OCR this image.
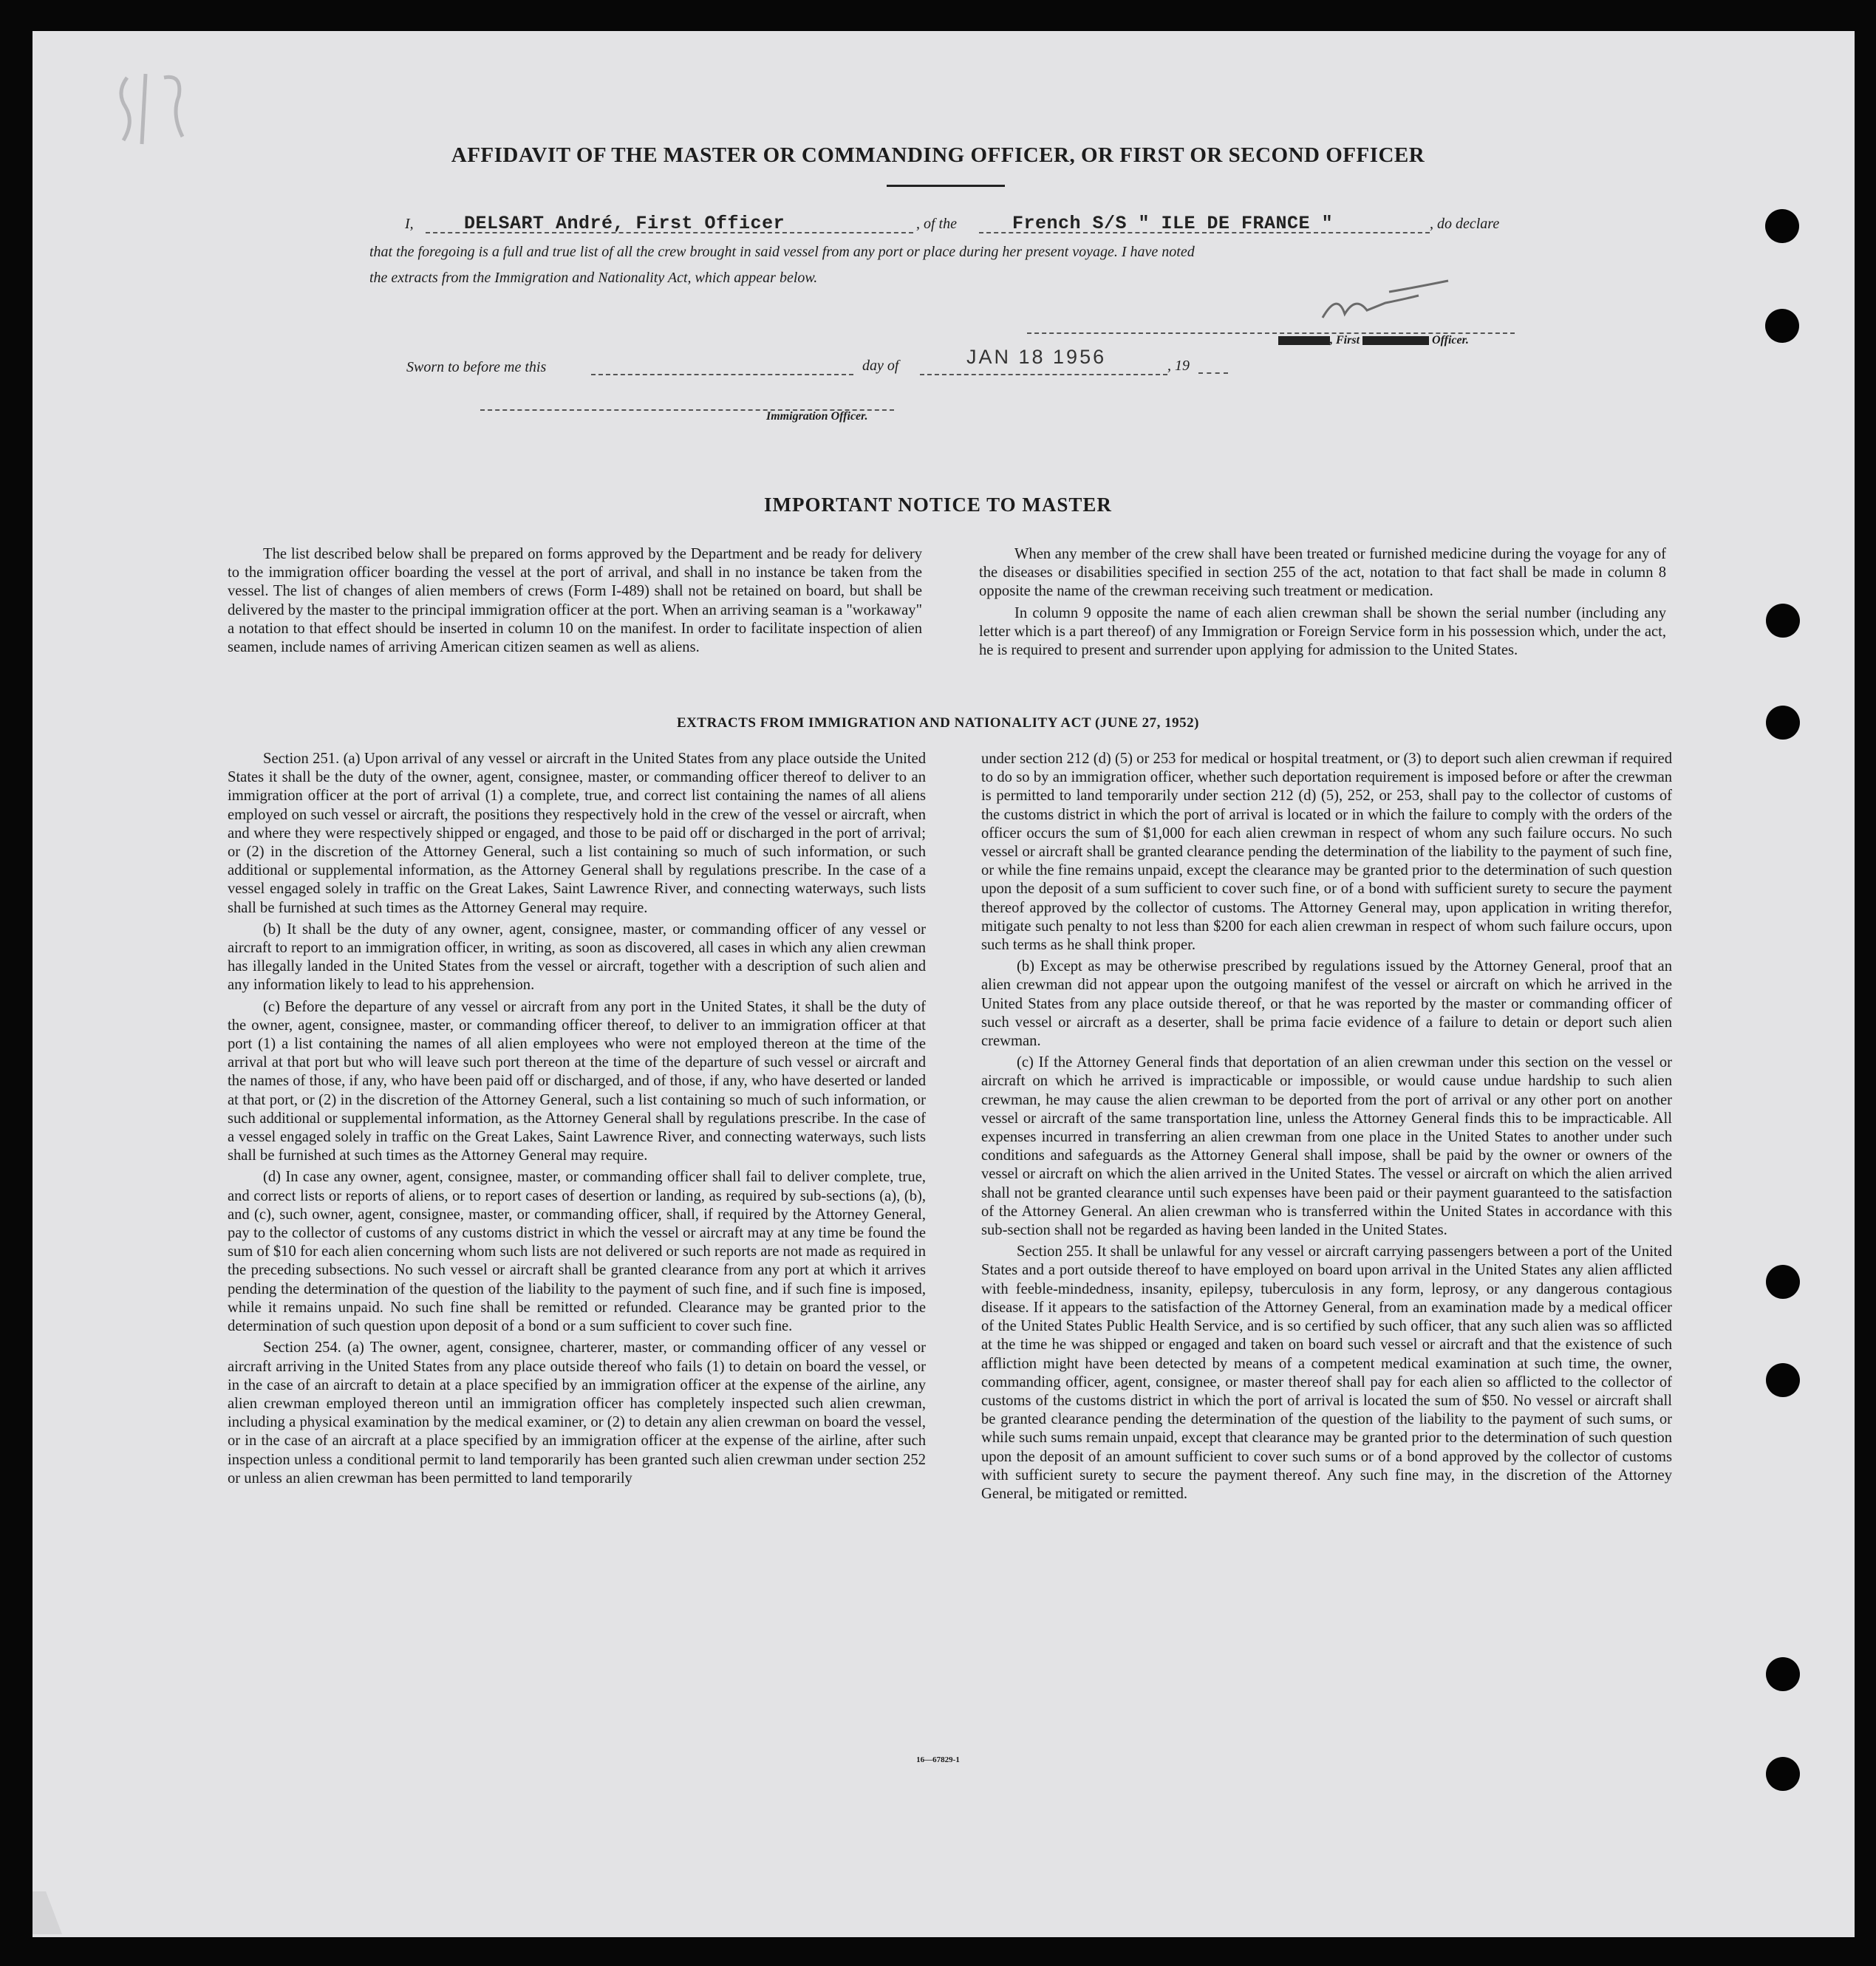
AFFIDAVIT OF THE MASTER OR COMMANDING OFFICER, OR FIRST OR SECOND OFFICER
I,	DELSART André, First Officer	, of the	French S/S " ILE DE FRANCE "	, do declare
that the foregoing is a full and true list of all the crew brought in said vessel from any port or place during her present voyage. I have noted
the extracts from the Immigration and Nationality Act, which appear below.
, First	Officer.
Sworn to before me this	day of	JAN 18 1956	, 19
Immigration Officer.
IMPORTANT NOTICE TO MASTER

The list described below shall be prepared on forms approved by the Department and be ready for delivery to the immigration officer boarding the vessel at the port of arrival, and shall in no instance be taken from the vessel. The list of changes of alien members of crews (Form I-489) shall not be retained on board, but shall be delivered by the master to the principal immigration officer at the port. When an arriving seaman is a "workaway" a notation to that effect should be inserted in column 10 on the manifest. In order to facilitate inspection of alien seamen, include names of arriving American citizen seamen as well as aliens.

When any member of the crew shall have been treated or furnished medicine during the voyage for any of the diseases or disabilities specified in section 255 of the act, notation to that fact shall be made in column 8 opposite the name of the crewman receiving such treatment or medication.

In column 9 opposite the name of each alien crewman shall be shown the serial number (including any letter which is a part thereof) of any Immigration or Foreign Service form in his possession which, under the act, he is required to present and surrender upon applying for admission to the United States.

EXTRACTS FROM IMMIGRATION AND NATIONALITY ACT (JUNE 27, 1952)

Section 251. (a) Upon arrival of any vessel or aircraft in the United States from any place outside the United States it shall be the duty of the owner, agent, consignee, master, or commanding officer thereof to deliver to an immigration officer at the port of arrival (1) a complete, true, and correct list containing the names of all aliens employed on such vessel or aircraft, the positions they respectively hold in the crew of the vessel or aircraft, when and where they were respectively shipped or engaged, and those to be paid off or discharged in the port of arrival; or (2) in the discretion of the Attorney General, such a list containing so much of such information, or such additional or supplemental information, as the Attorney General shall by regulations prescribe. In the case of a vessel engaged solely in traffic on the Great Lakes, Saint Lawrence River, and connecting waterways, such lists shall be furnished at such times as the Attorney General may require.

(b) It shall be the duty of any owner, agent, consignee, master, or commanding officer of any vessel or aircraft to report to an immigration officer, in writing, as soon as discovered, all cases in which any alien crewman has illegally landed in the United States from the vessel or aircraft, together with a description of such alien and any information likely to lead to his apprehension.

(c) Before the departure of any vessel or aircraft from any port in the United States, it shall be the duty of the owner, agent, consignee, master, or commanding officer thereof, to deliver to an immigration officer at that port (1) a list containing the names of all alien employees who were not employed thereon at the time of the arrival at that port but who will leave such port thereon at the time of the departure of such vessel or aircraft and the names of those, if any, who have been paid off or discharged, and of those, if any, who have deserted or landed at that port, or (2) in the discretion of the Attorney General, such a list containing so much of such information, or such additional or supplemental information, as the Attorney General shall by regulations prescribe. In the case of a vessel engaged solely in traffic on the Great Lakes, Saint Lawrence River, and connecting waterways, such lists shall be furnished at such times as the Attorney General may require.

(d) In case any owner, agent, consignee, master, or commanding officer shall fail to deliver complete, true, and correct lists or reports of aliens, or to report cases of desertion or landing, as required by sub-sections (a), (b), and (c), such owner, agent, consignee, master, or commanding officer, shall, if required by the Attorney General, pay to the collector of customs of any customs district in which the vessel or aircraft may at any time be found the sum of $10 for each alien concerning whom such lists are not delivered or such reports are not made as required in the preceding subsections. No such vessel or aircraft shall be granted clearance from any port at which it arrives pending the determination of the question of the liability to the payment of such fine, and if such fine is imposed, while it remains unpaid. No such fine shall be remitted or refunded. Clearance may be granted prior to the determination of such question upon deposit of a bond or a sum sufficient to cover such fine.

Section 254. (a) The owner, agent, consignee, charterer, master, or commanding officer of any vessel or aircraft arriving in the United States from any place outside thereof who fails (1) to detain on board the vessel, or in the case of an aircraft to detain at a place specified by an immigration officer at the expense of the airline, any alien crewman employed thereon until an immigration officer has completely inspected such alien crewman, including a physical examination by the medical examiner, or (2) to detain any alien crewman on board the vessel, or in the case of an aircraft at a place specified by an immigration officer at the expense of the airline, after such inspection unless a conditional permit to land temporarily has been granted such alien crewman under section 252 or unless an alien crewman has been permitted to land temporarily

under section 212 (d) (5) or 253 for medical or hospital treatment, or (3) to deport such alien crewman if required to do so by an immigration officer, whether such deportation requirement is imposed before or after the crewman is permitted to land temporarily under section 212 (d) (5), 252, or 253, shall pay to the collector of customs of the customs district in which the port of arrival is located or in which the failure to comply with the orders of the officer occurs the sum of $1,000 for each alien crewman in respect of whom any such failure occurs. No such vessel or aircraft shall be granted clearance pending the determination of the liability to the payment of such fine, or while the fine remains unpaid, except the clearance may be granted prior to the determination of such question upon the deposit of a sum sufficient to cover such fine, or of a bond with sufficient surety to secure the payment thereof approved by the collector of customs. The Attorney General may, upon application in writing therefor, mitigate such penalty to not less than $200 for each alien crewman in respect of whom such failure occurs, upon such terms as he shall think proper.

(b) Except as may be otherwise prescribed by regulations issued by the Attorney General, proof that an alien crewman did not appear upon the outgoing manifest of the vessel or aircraft on which he arrived in the United States from any place outside thereof, or that he was reported by the master or commanding officer of such vessel or aircraft as a deserter, shall be prima facie evidence of a failure to detain or deport such alien crewman.

(c) If the Attorney General finds that deportation of an alien crewman under this section on the vessel or aircraft on which he arrived is impracticable or impossible, or would cause undue hardship to such alien crewman, he may cause the alien crewman to be deported from the port of arrival or any other port on another vessel or aircraft of the same transportation line, unless the Attorney General finds this to be impracticable. All expenses incurred in transferring an alien crewman from one place in the United States to another under such conditions and safeguards as the Attorney General shall impose, shall be paid by the owner or owners of the vessel or aircraft on which the alien arrived in the United States. The vessel or aircraft on which the alien arrived shall not be granted clearance until such expenses have been paid or their payment guaranteed to the satisfaction of the Attorney General. An alien crewman who is transferred within the United States in accordance with this sub-section shall not be regarded as having been landed in the United States.

Section 255. It shall be unlawful for any vessel or aircraft carrying passengers between a port of the United States and a port outside thereof to have employed on board upon arrival in the United States any alien afflicted with feeble-mindedness, insanity, epilepsy, tuberculosis in any form, leprosy, or any dangerous contagious disease. If it appears to the satisfaction of the Attorney General, from an examination made by a medical officer of the United States Public Health Service, and is so certified by such officer, that any such alien was so afflicted at the time he was shipped or engaged and taken on board such vessel or aircraft and that the existence of such affliction might have been detected by means of a competent medical examination at such time, the owner, commanding officer, agent, consignee, or master thereof shall pay for each alien so afflicted to the collector of customs of the customs district in which the port of arrival is located the sum of $50. No vessel or aircraft shall be granted clearance pending the determination of the question of the liability to the payment of such sums, or while such sums remain unpaid, except that clearance may be granted prior to the determination of such question upon the deposit of an amount sufficient to cover such sums or of a bond approved by the collector of customs with sufficient surety to secure the payment thereof. Any such fine may, in the discretion of the Attorney General, be mitigated or remitted.

16—67829-1
